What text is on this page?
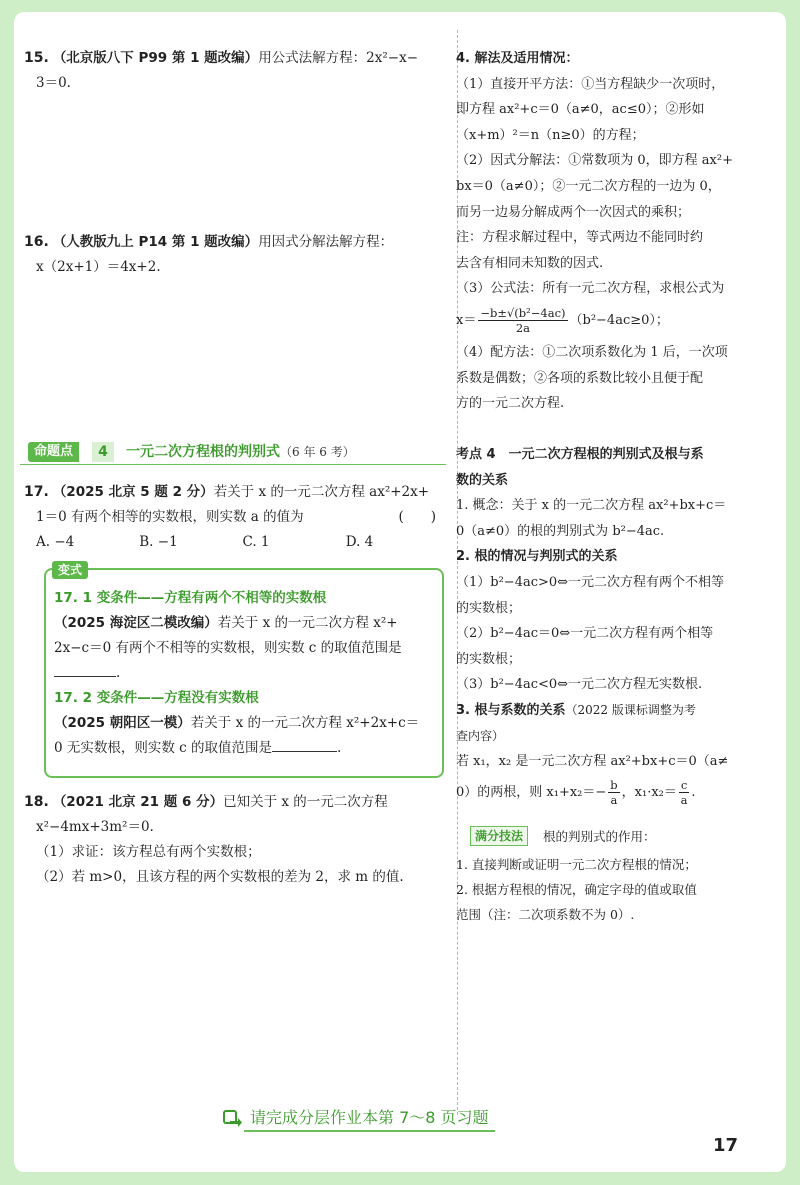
15. （北京版八下 P99 第 1 题改编）用公式法解方程：2x²−x−
3＝0.
16. （人教版九上 P14 第 1 题改编）用因式分解法解方程：
x（2x+1）＝4x+2.
命题点	4	一元二次方程根的判别式（6 年 6 考）
17. （2025 北京 5 题 2 分）若关于 x 的一元二次方程 ax²+2x+
1＝0 有两个相等的实数根，则实数 a 的值为	(　　)
A. −4	B. −1	C. 1	D. 4
变式
17. 1 变条件——方程有两个不相等的实数根
（2025 海淀区二模改编）若关于 x 的一元二次方程 x²+
2x−c＝0 有两个不相等的实数根，则实数 c 的取值范围是
.
17. 2 变条件——方程没有实数根
（2025 朝阳区一模）若关于 x 的一元二次方程 x²+2x+c＝
0 无实数根，则实数 c 的取值范围是	.
18. （2021 北京 21 题 6 分）已知关于 x 的一元二次方程
x²−4mx+3m²＝0.
（1）求证：该方程总有两个实数根；
（2）若 m>0，且该方程的两个实数根的差为 2，求 m 的值.
4. 解法及适用情况：
（1）直接开平方法：①当方程缺少一次项时，
即方程 ax²+c＝0（a≠0，ac≤0）；②形如
（x+m）²＝n（n≥0）的方程；
（2）因式分解法：①常数项为 0，即方程 ax²+
bx＝0（a≠0）；②一元二次方程的一边为 0，
而另一边易分解成两个一次因式的乘积；
注：方程求解过程中，等式两边不能同时约
去含有相同未知数的因式.
（3）公式法：所有一元二次方程，求根公式为
$x= \frac{\text{−b±√(b²−4ac)}}{2a} (b^2-4ac\ge 0)$；
（4）配方法：①二次项系数化为 1 后，一次项
系数是偶数；②各项的系数比较小且便于配
方的一元二次方程.
考点 4　一元二次方程根的判别式及根与系
数的关系
1. 概念：关于 x 的一元二次方程 ax²+bx+c＝
0（a≠0）的根的判别式为 b²−4ac.
2. 根的情况与判别式的关系
（1）b²−4ac>0⇔一元二次方程有两个不相等
的实数根；
（2）b²−4ac＝0⇔一元二次方程有两个相等
的实数根；
（3）b²−4ac<0⇔一元二次方程无实数根.
3. 根与系数的关系（2022 版课标调整为考
查内容）
若 x₁，x₂ 是一元二次方程 ax²+bx+c＝0（a≠
0）的两根，则 $x_1+x_2=- \frac{b}{a}$ ，$x_1\cdot x_2= \frac{c}{a}$ .
满分技法	根的判别式的作用：
1. 直接判断或证明一元二次方程根的情况；
2. 根据方程根的情况，确定字母的值或取值
范围（注：二次项系数不为 0）.
请完成分层作业本第 7～8 页习题
17
